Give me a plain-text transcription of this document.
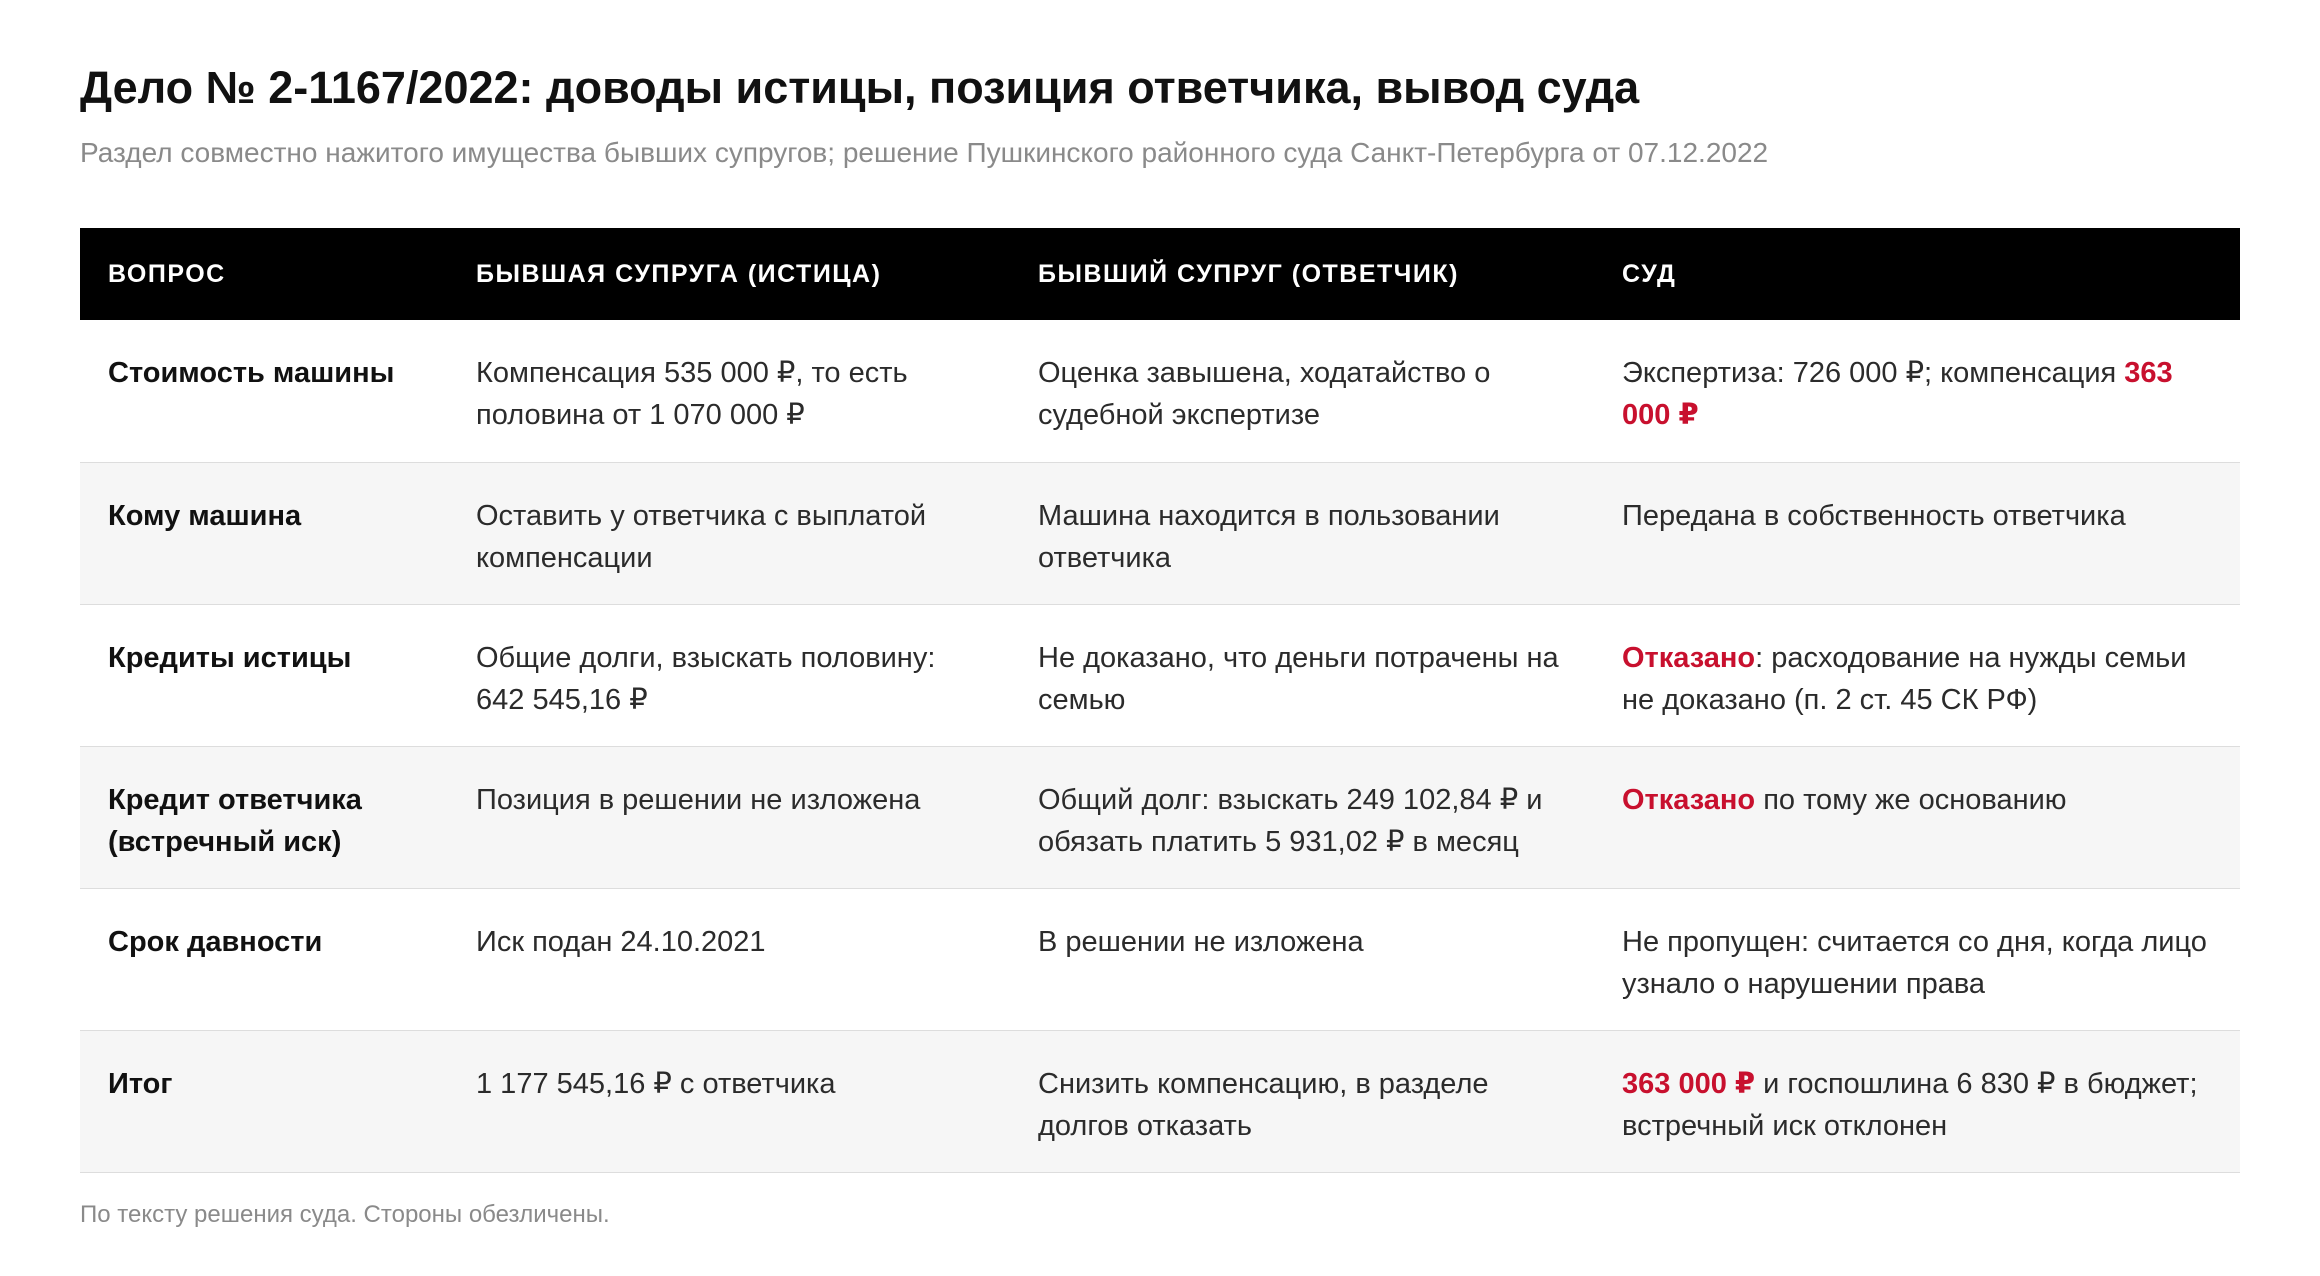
Дело № 2-1167/2022: доводы истицы, позиция ответчика, вывод суда

Раздел совместно нажитого имущества бывших супругов; решение Пушкинского районного суда Санкт-Петербурга от 07.12.2022

ВОПРОС	БЫВШАЯ СУПРУГА (ИСТИЦА)	БЫВШИЙ СУПРУГ (ОТВЕТЧИК)	СУД
Стоимость машины	Компенсация 535 000 ₽, то есть половина от 1 070 000 ₽	Оценка завышена, ходатайство о судебной экспертизе	Экспертиза: 726 000 ₽; компенсация 363 000 ₽
Кому машина	Оставить у ответчика с выплатой компенсации	Машина находится в пользовании ответчика	Передана в собственность ответчика
Кредиты истицы	Общие долги, взыскать половину: 642 545,16 ₽	Не доказано, что деньги потрачены на семью	Отказано: расходование на нужды семьи не доказано (п. 2 ст. 45 СК РФ)
Кредит ответчика (встречный иск)	Позиция в решении не изложена	Общий долг: взыскать 249 102,84 ₽ и обязать платить 5 931,02 ₽ в месяц	Отказано по тому же основанию
Срок давности	Иск подан 24.10.2021	В решении не изложена	Не пропущен: считается со дня, когда лицо узнало о нарушении права
Итог	1 177 545,16 ₽ с ответчика	Снизить компенсацию, в разделе долгов отказать	363 000 ₽ и госпошлина 6 830 ₽ в бюджет; встречный иск отклонен

По тексту решения суда. Стороны обезличены.
